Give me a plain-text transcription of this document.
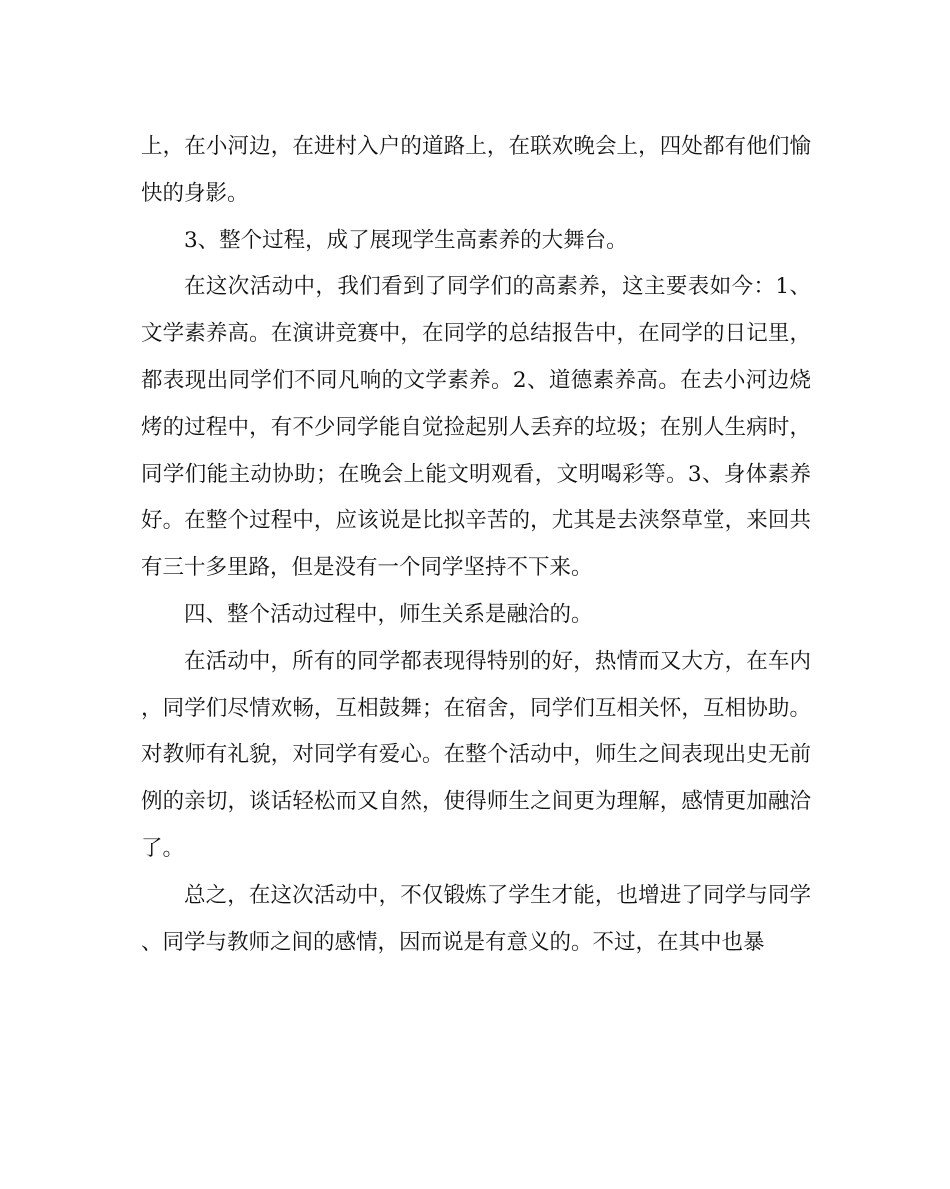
上，在小河边，在进村入户的道路上，在联欢晚会上，四处都有他们愉快的身影。

3、整个过程，成了展现学生高素养的大舞台。

在这次活动中，我们看到了同学们的高素养，这主要表如今：1、文学素养高。在演讲竞赛中，在同学的总结报告中，在同学的日记里，都表现出同学们不同凡响的文学素养。2、道德素养高。在去小河边烧烤的过程中，有不少同学能自觉捡起别人丢弃的垃圾；在别人生病时，同学们能主动协助；在晚会上能文明观看，文明喝彩等。3、身体素养好。在整个过程中，应该说是比拟辛苦的，尤其是去浃祭草堂，来回共有三十多里路，但是没有一个同学坚持不下来。

四、整个活动过程中，师生关系是融洽的。

在活动中，所有的同学都表现得特别的好，热情而又大方，在车内，同学们尽情欢畅，互相鼓舞；在宿舍，同学们互相关怀，互相协助。对教师有礼貌，对同学有爱心。在整个活动中，师生之间表现出史无前例的亲切，谈话轻松而又自然，使得师生之间更为理解，感情更加融洽了。

总之，在这次活动中，不仅锻炼了学生才能，也增进了同学与同学、同学与教师之间的感情，因而说是有意义的。不过，在其中也暴
